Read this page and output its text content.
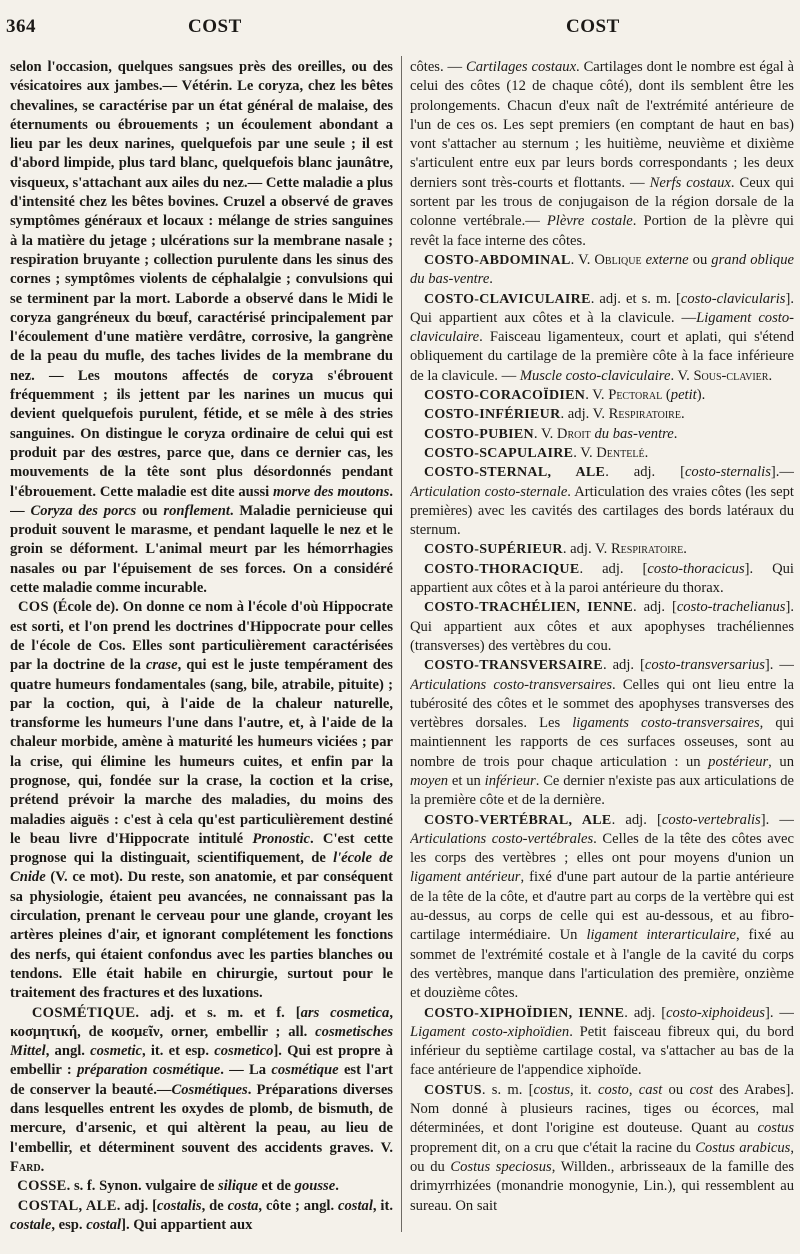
364	COST	COST

selon l'occasion, quelques sangsues près des oreilles, ou des vésicatoires aux jambes.— Vétérin. Le coryza, chez les bêtes chevalines, se caractérise par un état général de malaise, des éternuments ou ébrouements ; un écoulement abondant a lieu par les deux narines, quelquefois par une seule ; il est d'abord limpide, plus tard blanc, quelquefois blanc jaunâtre, visqueux, s'attachant aux ailes du nez.— Cette maladie a plus d'intensité chez les bêtes bovines. Cruzel a observé de graves symptômes généraux et locaux : mélange de stries sanguines à la matière du jetage ; ulcérations sur la membrane nasale ; respiration bruyante ; collection purulente dans les sinus des cornes ; symptômes violents de céphalalgie ; convulsions qui se terminent par la mort. Laborde a observé dans le Midi le coryza gangréneux du bœuf, caractérisé principalement par l'écoulement d'une matière verdâtre, corrosive, la gangrène de la peau du mufle, des taches livides de la membrane du nez. — Les moutons affectés de coryza s'ébrouent fréquemment ; ils jettent par les narines un mucus qui devient quelquefois purulent, fétide, et se mêle à des stries sanguines. On distingue le coryza ordinaire de celui qui est produit par des œstres, parce que, dans ce dernier cas, les mouvements de la tête sont plus désordonnés pendant l'ébrouement. Cette maladie est dite aussi morve des moutons. — Coryza des porcs ou ronflement. Maladie pernicieuse qui produit souvent le marasme, et pendant laquelle le nez et le groin se déforment. L'animal meurt par les hémorrhagies nasales ou par l'épuisement de ses forces. On a considéré cette maladie comme incurable.

COS (École de). On donne ce nom à l'école d'où Hippocrate est sorti, et l'on prend les doctrines d'Hippocrate pour celles de l'école de Cos. Elles sont particulièrement caractérisées par la doctrine de la crase, qui est le juste tempérament des quatre humeurs fondamentales (sang, bile, atrabile, pituite) ; par la coction, qui, à l'aide de la chaleur naturelle, transforme les humeurs l'une dans l'autre, et, à l'aide de la chaleur morbide, amène à maturité les humeurs viciées ; par la crise, qui élimine les humeurs cuites, et enfin par la prognose, qui, fondée sur la crase, la coction et la crise, prétend prévoir la marche des maladies, du moins des maladies aiguës : c'est à cela qu'est particulièrement destiné le beau livre d'Hippocrate intitulé Pronostic. C'est cette prognose qui la distinguait, scientifiquement, de l'école de Cnide (V. ce mot). Du reste, son anatomie, et par conséquent sa physiologie, étaient peu avancées, ne connaissant pas la circulation, prenant le cerveau pour une glande, croyant les artères pleines d'air, et ignorant complétement les fonctions des nerfs, qui étaient confondus avec les parties blanches ou tendons. Elle était habile en chirurgie, surtout pour le traitement des fractures et des luxations.

COSMÉTIQUE. adj. et s. m. et f. [ars cosmetica, κοσμητική, de κοσμεῖν, orner, embellir ; all. cosmetisches Mittel, angl. cosmetic, it. et esp. cosmetico]. Qui est propre à embellir : préparation cosmétique. — La cosmétique est l'art de conserver la beauté.—Cosmétiques. Préparations diverses dans lesquelles entrent les oxydes de plomb, de bismuth, de mercure, d'arsenic, et qui altèrent la peau, au lieu de l'embellir, et déterminent souvent des accidents graves. V. Fard.

COSSE. s. f. Synon. vulgaire de silique et de gousse.

COSTAL, ALE. adj. [costalis, de costa, côte ; angl. costal, it. costale, esp. costal]. Qui appartient aux

côtes. — Cartilages costaux. Cartilages dont le nombre est égal à celui des côtes (12 de chaque côté), dont ils semblent être les prolongements. Chacun d'eux naît de l'extrémité antérieure de l'un de ces os. Les sept premiers (en comptant de haut en bas) vont s'attacher au sternum ; les huitième, neuvième et dixième s'articulent entre eux par leurs bords correspondants ; les deux derniers sont très-courts et flottants. — Nerfs costaux. Ceux qui sortent par les trous de conjugaison de la région dorsale de la colonne vertébrale.— Plèvre costale. Portion de la plèvre qui revêt la face interne des côtes.

COSTO-ABDOMINAL. V. Oblique externe ou grand oblique du bas-ventre.

COSTO-CLAVICULAIRE. adj. et s. m. [costo-clavicularis]. Qui appartient aux côtes et à la clavicule. —Ligament costo-claviculaire. Faisceau ligamenteux, court et aplati, qui s'étend obliquement du cartilage de la première côte à la face inférieure de la clavicule. — Muscle costo-claviculaire. V. Sous-clavier.

COSTO-CORACOÏDIEN. V. Pectoral (petit).

COSTO-INFÉRIEUR. adj. V. Respiratoire.

COSTO-PUBIEN. V. Droit du bas-ventre.

COSTO-SCAPULAIRE. V. Dentelé.

COSTO-STERNAL, ALE. adj. [costo-sternalis].— Articulation costo-sternale. Articulation des vraies côtes (les sept premières) avec les cavités des cartilages des bords latéraux du sternum.

COSTO-SUPÉRIEUR. adj. V. Respiratoire.

COSTO-THORACIQUE. adj. [costo-thoracicus]. Qui appartient aux côtes et à la paroi antérieure du thorax.

COSTO-TRACHÉLIEN, IENNE. adj. [costo-trachelianus]. Qui appartient aux côtes et aux apophyses trachéliennes (transverses) des vertèbres du cou.

COSTO-TRANSVERSAIRE. adj. [costo-transversarius]. — Articulations costo-transversaires. Celles qui ont lieu entre la tubérosité des côtes et le sommet des apophyses transverses des vertèbres dorsales. Les ligaments costo-transversaires, qui maintiennent les rapports de ces surfaces osseuses, sont au nombre de trois pour chaque articulation : un postérieur, un moyen et un inférieur. Ce dernier n'existe pas aux articulations de la première côte et de la dernière.

COSTO-VERTÉBRAL, ALE. adj. [costo-vertebralis]. — Articulations costo-vertébrales. Celles de la tête des côtes avec les corps des vertèbres ; elles ont pour moyens d'union un ligament antérieur, fixé d'une part autour de la partie antérieure de la tête de la côte, et d'autre part au corps de la vertèbre qui est au-dessus, au corps de celle qui est au-dessous, et au fibro-cartilage intermédiaire. Un ligament interarticulaire, fixé au sommet de l'extrémité costale et à l'angle de la cavité du corps des vertèbres, manque dans l'articulation des première, onzième et douzième côtes.

COSTO-XIPHOÏDIEN, IENNE. adj. [costo-xiphoideus]. — Ligament costo-xiphoïdien. Petit faisceau fibreux qui, du bord inférieur du septième cartilage costal, va s'attacher au bas de la face antérieure de l'appendice xiphoïde.

COSTUS. s. m. [costus, it. costo, cast ou cost des Arabes]. Nom donné à plusieurs racines, tiges ou écorces, mal déterminées, et dont l'origine est douteuse. Quant au costus proprement dit, on a cru que c'était la racine du Costus arabicus, ou du Costus speciosus, Willden., arbrisseaux de la famille des drimyrrhizées (monandrie monogynie, Lin.), qui ressemblent au sureau. On sait
